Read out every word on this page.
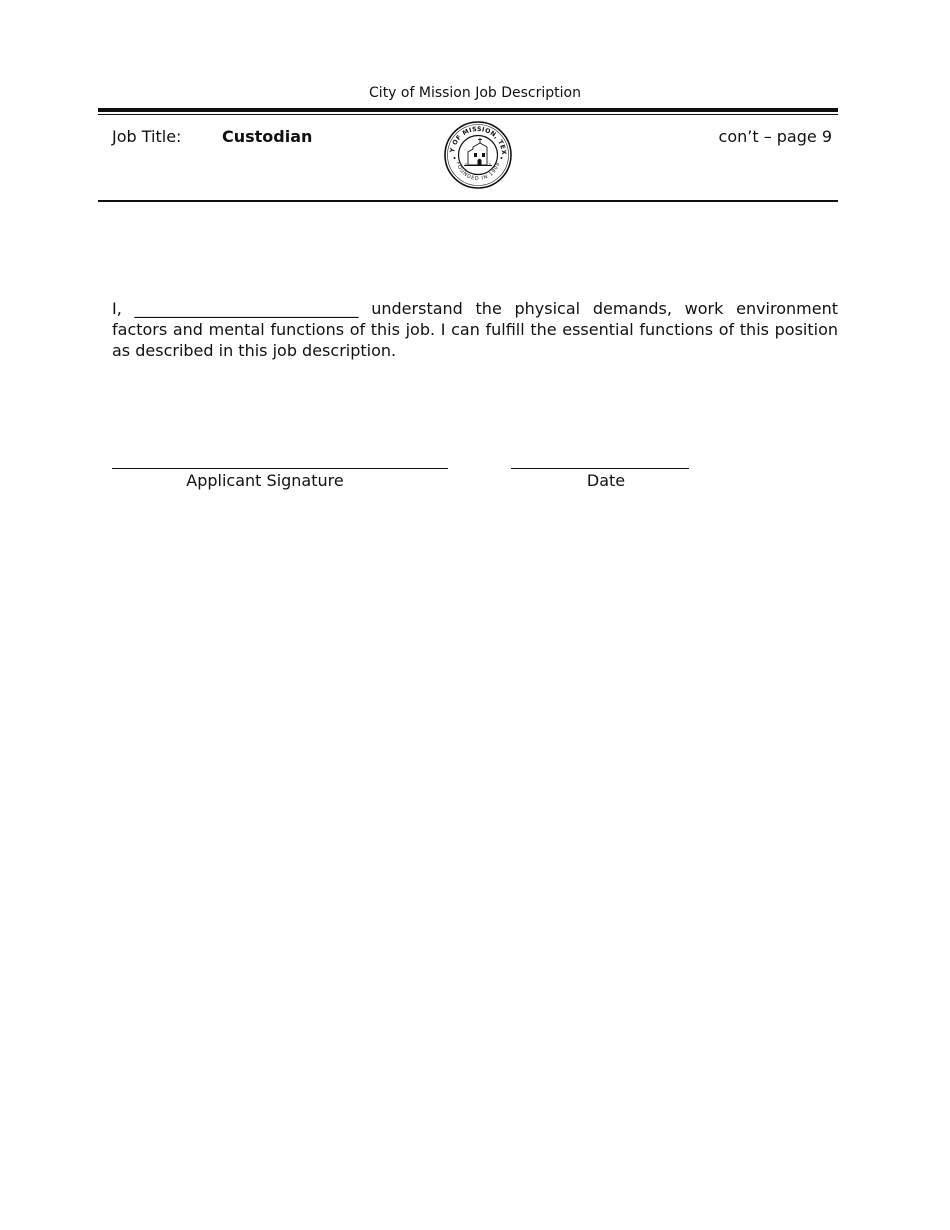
City of Mission Job Description
Job Title:	Custodian
Y OF MISSION, TEX
FOUNDED IN 1908
con’t – page 9

I, ____________________________ understand the physical demands, work environment factors and mental functions of this job. I can fulfill the essential functions of this position as described in this job description.

Applicant Signature	Date
